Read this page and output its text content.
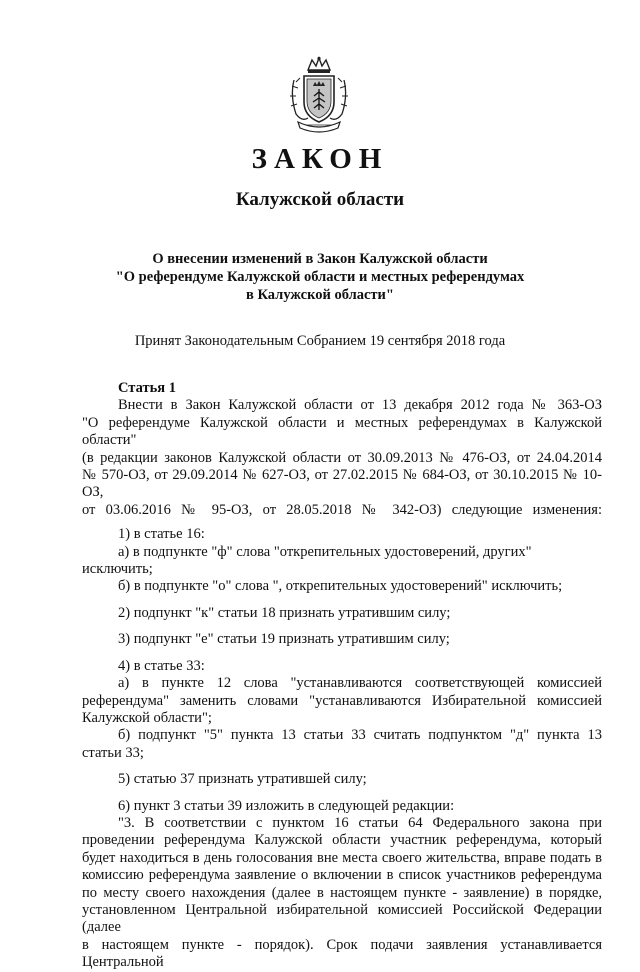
ЗАКОН
Калужской области
О внесении изменений в Закон Калужской области
"О референдуме Калужской области и местных референдумах
в Калужской области"
Принят Законодательным Собранием 19 сентября 2018 года

Статья 1

Внести в Закон Калужской области от 13 декабря 2012 года № 363-ОЗ

"О референдуме Калужской области и местных референдумах в Калужской области"

(в редакции законов Калужской области от 30.09.2013 № 476-ОЗ, от 24.04.2014

№ 570-ОЗ, от 29.09.2014 № 627-ОЗ, от 27.02.2015 № 684-ОЗ, от 30.10.2015 № 10-ОЗ,

от 03.06.2016 № 95-ОЗ, от 28.05.2018 № 342-ОЗ) следующие изменения:

1) в статье 16:

а) в подпункте "ф" слова "открепительных удостоверений, других" исключить;

б) в подпункте "о" слова ", открепительных удостоверений" исключить;

2) подпункт "к" статьи 18 признать утратившим силу;

3) подпункт "е" статьи 19 признать утратившим силу;

4) в статье 33:

а) в пункте 12 слова "устанавливаются соответствующей комиссией

референдума" заменить словами "устанавливаются Избирательной комиссией

Калужской области";

б) подпункт "5" пункта 13 статьи 33 считать подпунктом "д" пункта 13

статьи 33;

5) статью 37 признать утратившей силу;

6) пункт 3 статьи 39 изложить в следующей редакции:

"3. В соответствии с пунктом 16 статьи 64 Федерального закона при

проведении референдума Калужской области участник референдума, который

будет находиться в день голосования вне места своего жительства, вправе подать в

комиссию референдума заявление о включении в список участников референдума

по месту своего нахождения (далее в настоящем пункте - заявление) в порядке,

установленном Центральной избирательной комиссией Российской Федерации (далее

в настоящем пункте - порядок). Срок подачи заявления устанавливается Центральной
